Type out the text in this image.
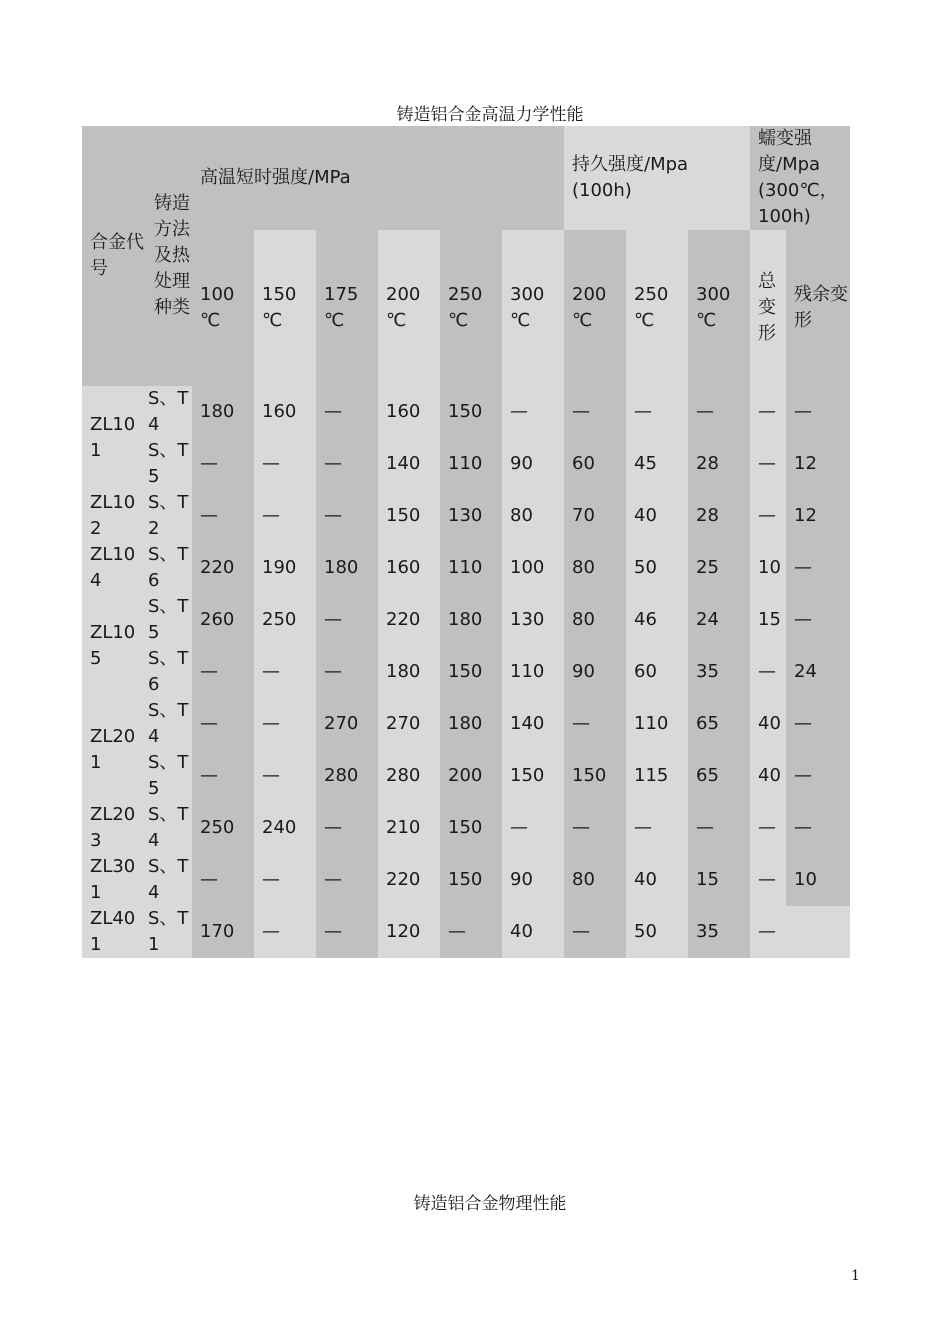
铸造铝合金高温力学性能
合金代号	铸造方法及热处理种类	高温短时强度/MPa						持久强度/Mpa (100h)			蠕变强度/Mpa (300℃，100h)	
		100 ℃	150 ℃	175 ℃	200 ℃	250 ℃	300 ℃	200 ℃	250 ℃	300 ℃	总变形	残余变形
ZL101	S、T4	180	160	—	160	150	—	—	—	—	—	—
	S、T5	—	—	—	140	110	90	60	45	28	—	12
ZL102	S、T2	—	—	—	150	130	80	70	40	28	—	12
ZL104	S、T6	220	190	180	160	110	100	80	50	25	10	—
ZL105	S、T5	260	250	—	220	180	130	80	46	24	15	—
	S、T6	—	—	—	180	150	110	90	60	35	—	24
ZL201	S、T4	—	—	270	270	180	140	—	110	65	40	—
	S、T5	—	—	280	280	200	150	150	115	65	40	—
ZL203	S、T4	250	240	—	210	150	—	—	—	—	—	—
ZL301	S、T4	—	—	—	220	150	90	80	40	15	—	10
ZL401	S、T1	170	—	—	120	—	40	—	50	35	—	
铸造铝合金物理性能
1
